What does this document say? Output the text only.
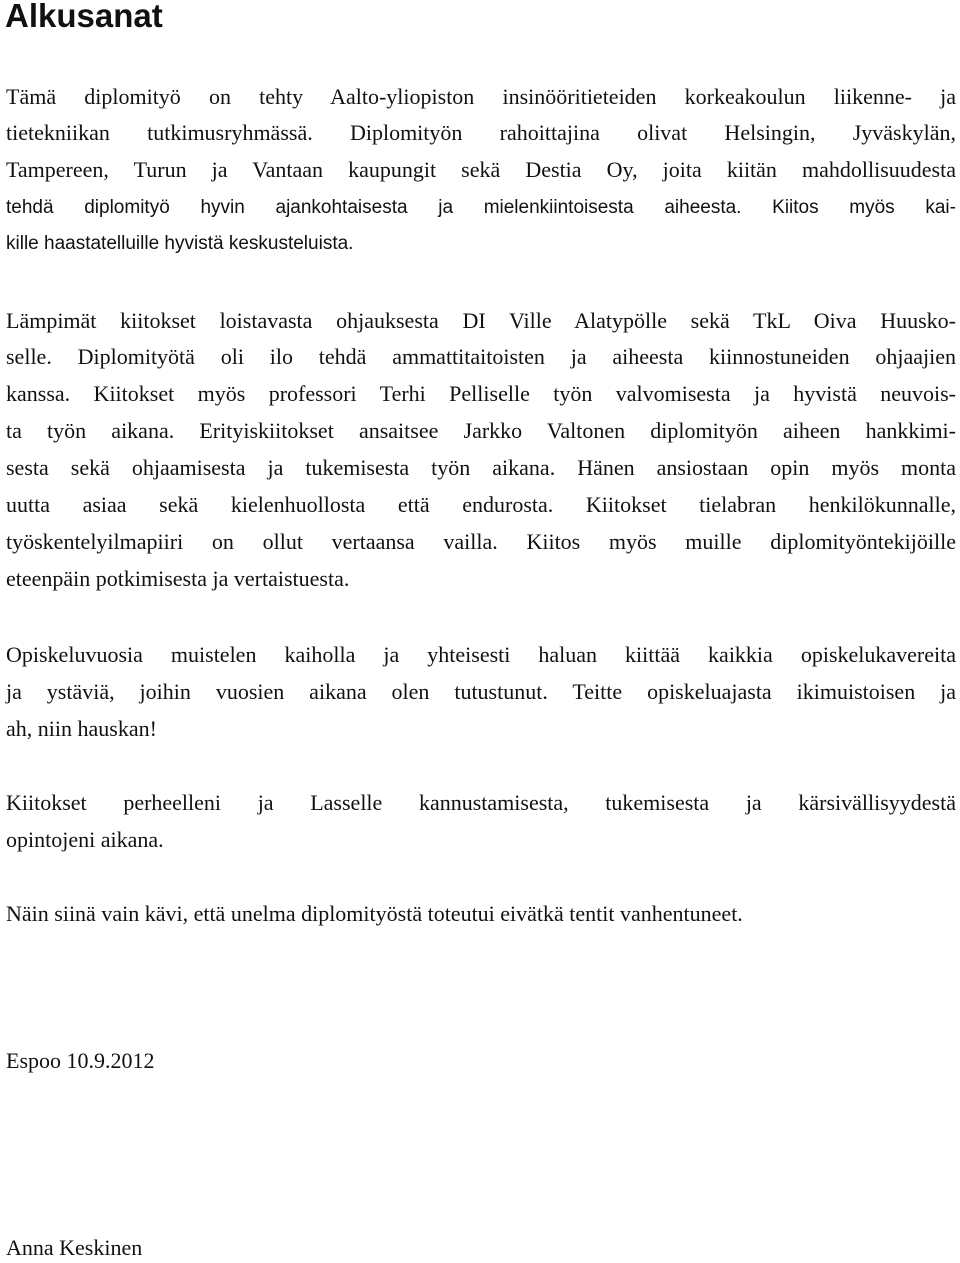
Alkusanat

Tämä diplomityö on tehty Aalto-yliopiston insinööritieteiden korkeakoulun liikenne- ja

tietekniikan tutkimusryhmässä. Diplomityön rahoittajina olivat Helsingin, Jyväskylän,

Tampereen, Turun ja Vantaan kaupungit sekä Destia Oy, joita kiitän mahdollisuudesta

tehdä diplomityö hyvin ajankohtaisesta ja mielenkiintoisesta aiheesta. Kiitos myös kai-

kille haastatelluille hyvistä keskusteluista.

Lämpimät kiitokset loistavasta ohjauksesta DI Ville Alatypölle sekä TkL Oiva Huusko-

selle. Diplomityötä oli ilo tehdä ammattitaitoisten ja aiheesta kiinnostuneiden ohjaajien

kanssa. Kiitokset myös professori Terhi Pelliselle työn valvomisesta ja hyvistä neuvois-

ta työn aikana. Erityiskiitokset ansaitsee Jarkko Valtonen diplomityön aiheen hankkimi-

sesta sekä ohjaamisesta ja tukemisesta työn aikana. Hänen ansiostaan opin myös monta

uutta asiaa sekä kielenhuollosta että endurosta. Kiitokset tielabran henkilökunnalle,

työskentelyilmapiiri on ollut vertaansa vailla. Kiitos myös muille diplomityöntekijöille

eteenpäin potkimisesta ja vertaistuesta.

Opiskeluvuosia muistelen kaiholla ja yhteisesti haluan kiittää kaikkia opiskelukavereita

ja ystäviä, joihin vuosien aikana olen tutustunut. Teitte opiskeluajasta ikimuistoisen ja

ah, niin hauskan!

Kiitokset perheelleni ja Lasselle kannustamisesta, tukemisesta ja kärsivällisyydestä

opintojeni aikana.

Näin siinä vain kävi, että unelma diplomityöstä toteutui eivätkä tentit vanhentuneet.

Espoo 10.9.2012

Anna Keskinen
